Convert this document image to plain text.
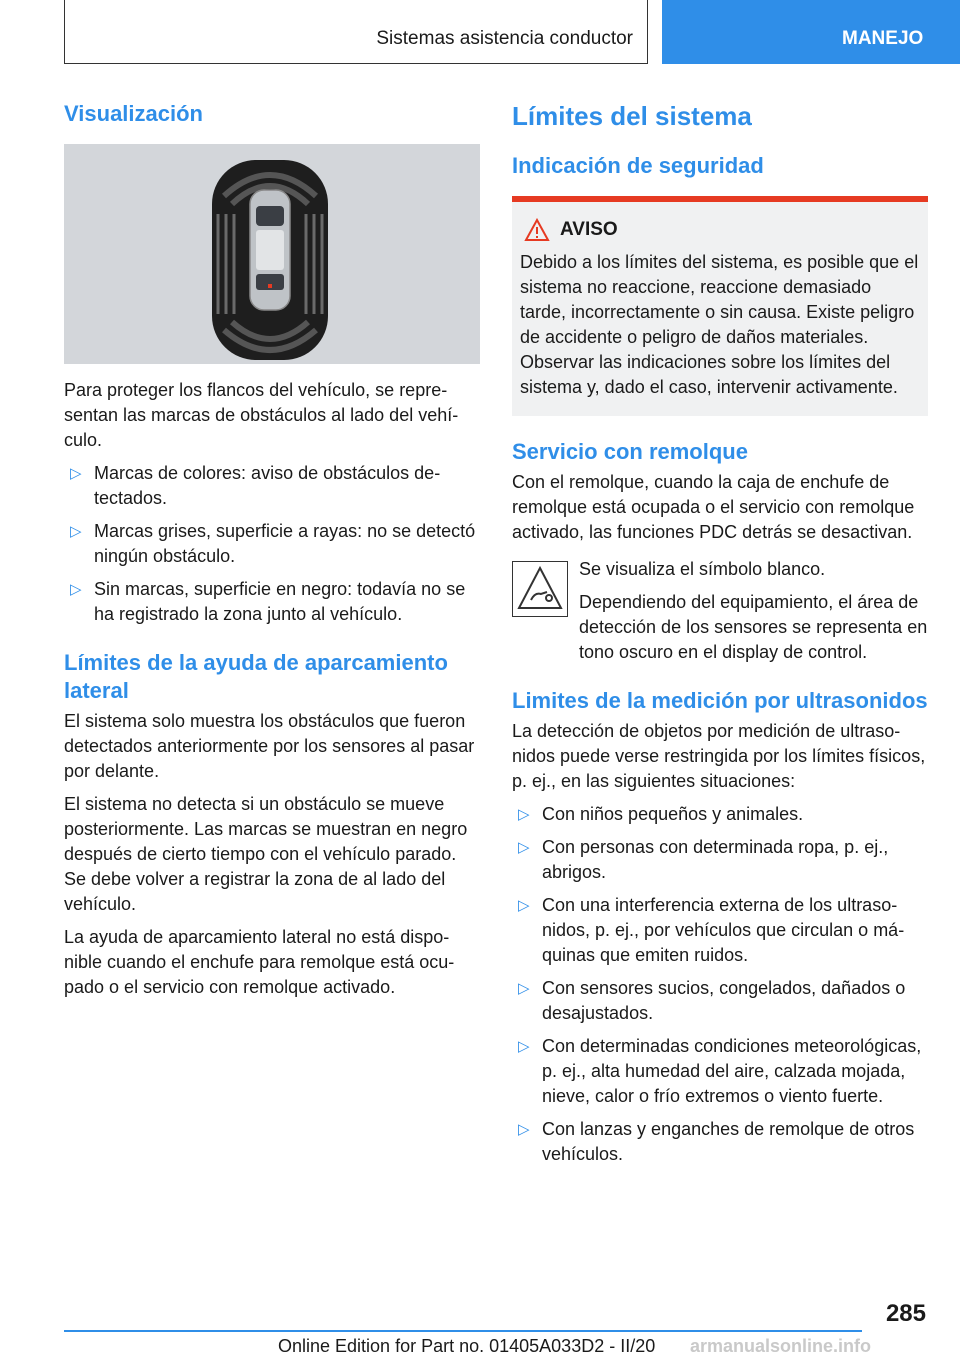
Sistemas asistencia conductor	MANEJO
Visualización

Para proteger los flancos del vehículo, se representan las marcas de obstáculos al lado del vehículo.

▷ Marcas de colores: aviso de obstáculos detectados.
▷ Marcas grises, superficie a rayas: no se detectó ningún obstáculo.
▷ Sin marcas, superficie en negro: todavía no se ha registrado la zona junto al vehículo.
Límites de la ayuda de aparcamiento lateral

El sistema solo muestra los obstáculos que fueron detectados anteriormente por los sensores al pasar por delante.

El sistema no detecta si un obstáculo se mueve posteriormente. Las marcas se muestran en negro después de cierto tiempo con el vehículo parado. Se debe volver a registrar la zona de al lado del vehículo.

La ayuda de aparcamiento lateral no está disponible cuando el enchufe para remolque está ocupado o el servicio con remolque activado.

Límites del sistema
Indicación de seguridad
AVISO

Debido a los límites del sistema, es posible que el sistema no reaccione, reaccione demasiado tarde, incorrectamente o sin causa. Existe peligro de accidente o peligro de daños materiales. Observar las indicaciones sobre los límites del sistema y, dado el caso, intervenir activamente.

Servicio con remolque

Con el remolque, cuando la caja de enchufe de remolque está ocupada o el servicio con remolque activado, las funciones PDC detrás se desactivan.

Se visualiza el símbolo blanco.

Dependiendo del equipamiento, el área de detección de los sensores se representa en tono oscuro en el display de control.

Limites de la medición por ultrasonidos

La detección de objetos por medición de ultrasonidos puede verse restringida por los límites físicos, p. ej., en las siguientes situaciones:

▷ Con niños pequeños y animales.
▷ Con personas con determinada ropa, p. ej., abrigos.
▷ Con una interferencia externa de los ultrasonidos, p. ej., por vehículos que circulan o máquinas que emiten ruidos.
▷ Con sensores sucios, congelados, dañados o desajustados.
▷ Con determinadas condiciones meteorológicas, p. ej., alta humedad del aire, calzada mojada, nieve, calor o frío extremos o viento fuerte.
▷ Con lanzas y enganches de remolque de otros vehículos.
285
Online Edition for Part no. 01405A033D2 - II/20 armanualsonline.info
